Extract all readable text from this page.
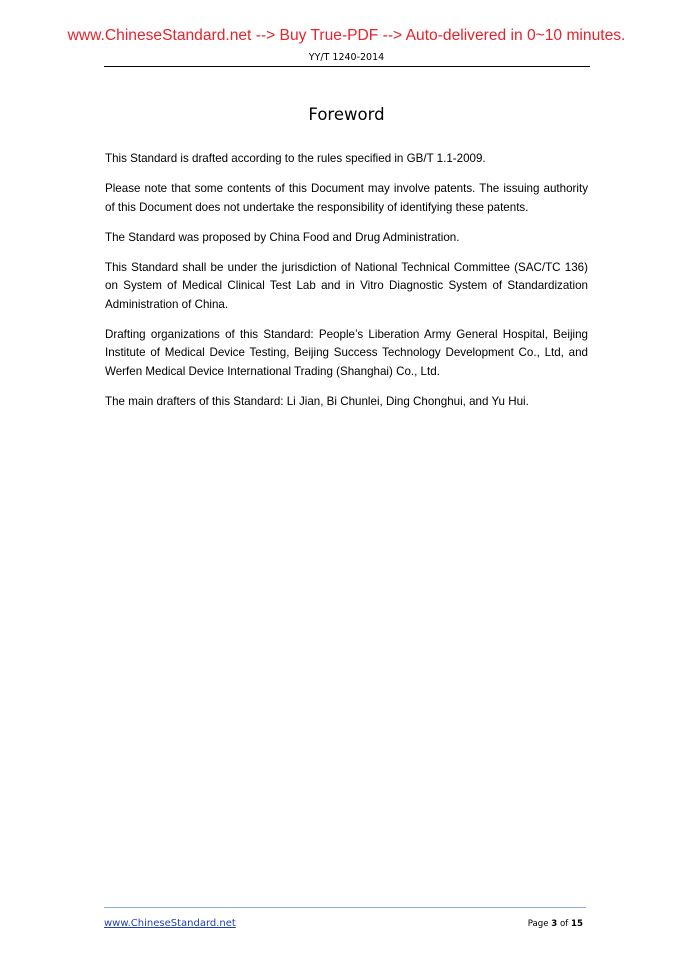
www.ChineseStandard.net --> Buy True-PDF --> Auto-delivered in 0~10 minutes.
YY/T 1240-2014
Foreword

This Standard is drafted according to the rules specified in GB/T 1.1-2009.

Please note that some contents of this Document may involve patents. The issuing authority of this Document does not undertake the responsibility of identifying these patents.

The Standard was proposed by China Food and Drug Administration.

This Standard shall be under the jurisdiction of National Technical Committee (SAC/TC 136) on System of Medical Clinical Test Lab and in Vitro Diagnostic System of Standardization Administration of China.

Drafting organizations of this Standard: People’s Liberation Army General Hospital, Beijing Institute of Medical Device Testing, Beijing Success Technology Development Co., Ltd, and Werfen Medical Device International Trading (Shanghai) Co., Ltd.

The main drafters of this Standard: Li Jian, Bi Chunlei, Ding Chonghui, and Yu Hui.

www.ChineseStandard.net	Page 3 of 15
